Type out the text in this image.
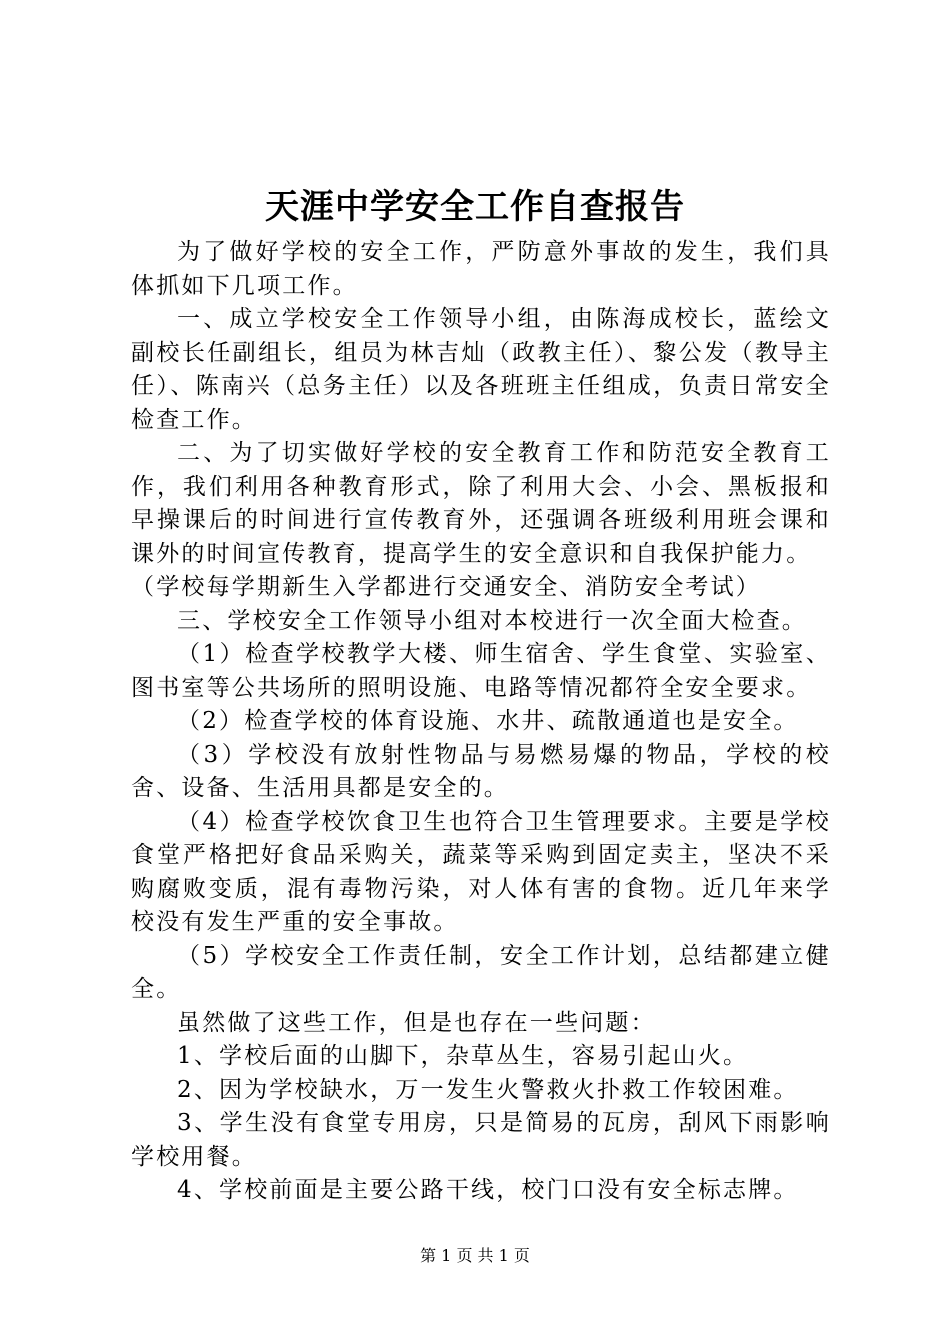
天涯中学安全工作自查报告

为了做好学校的安全工作，严防意外事故的发生，我们具体抓如下几项工作。

一、成立学校安全工作领导小组，由陈海成校长，蓝绘文副校长任副组长，组员为林吉灿（政教主任）、黎公发（教导主任）、陈南兴（总务主任）以及各班班主任组成，负责日常安全检查工作。

二、为了切实做好学校的安全教育工作和防范安全教育工作，我们利用各种教育形式，除了利用大会、小会、黑板报和早操课后的时间进行宣传教育外，还强调各班级利用班会课和课外的时间宣传教育，提高学生的安全意识和自我保护能力。

（学校每学期新生入学都进行交通安全、消防安全考试）

三、学校安全工作领导小组对本校进行一次全面大检查。

（1）检查学校教学大楼、师生宿舍、学生食堂、实验室、图书室等公共场所的照明设施、电路等情况都符全安全要求。

（2）检查学校的体育设施、水井、疏散通道也是安全。

（3）学校没有放射性物品与易燃易爆的物品，学校的校舍、设备、生活用具都是安全的。

（4）检查学校饮食卫生也符合卫生管理要求。主要是学校食堂严格把好食品采购关，蔬菜等采购到固定卖主，坚决不采购腐败变质，混有毒物污染，对人体有害的食物。近几年来学校没有发生严重的安全事故。

（5）学校安全工作责任制，安全工作计划，总结都建立健全。

虽然做了这些工作，但是也存在一些问题：

1、学校后面的山脚下，杂草丛生，容易引起山火。

2、因为学校缺水，万一发生火警救火扑救工作较困难。

3、学生没有食堂专用房，只是简易的瓦房，刮风下雨影响学校用餐。

4、学校前面是主要公路干线，校门口没有安全标志牌。

第 1 页 共 1 页
